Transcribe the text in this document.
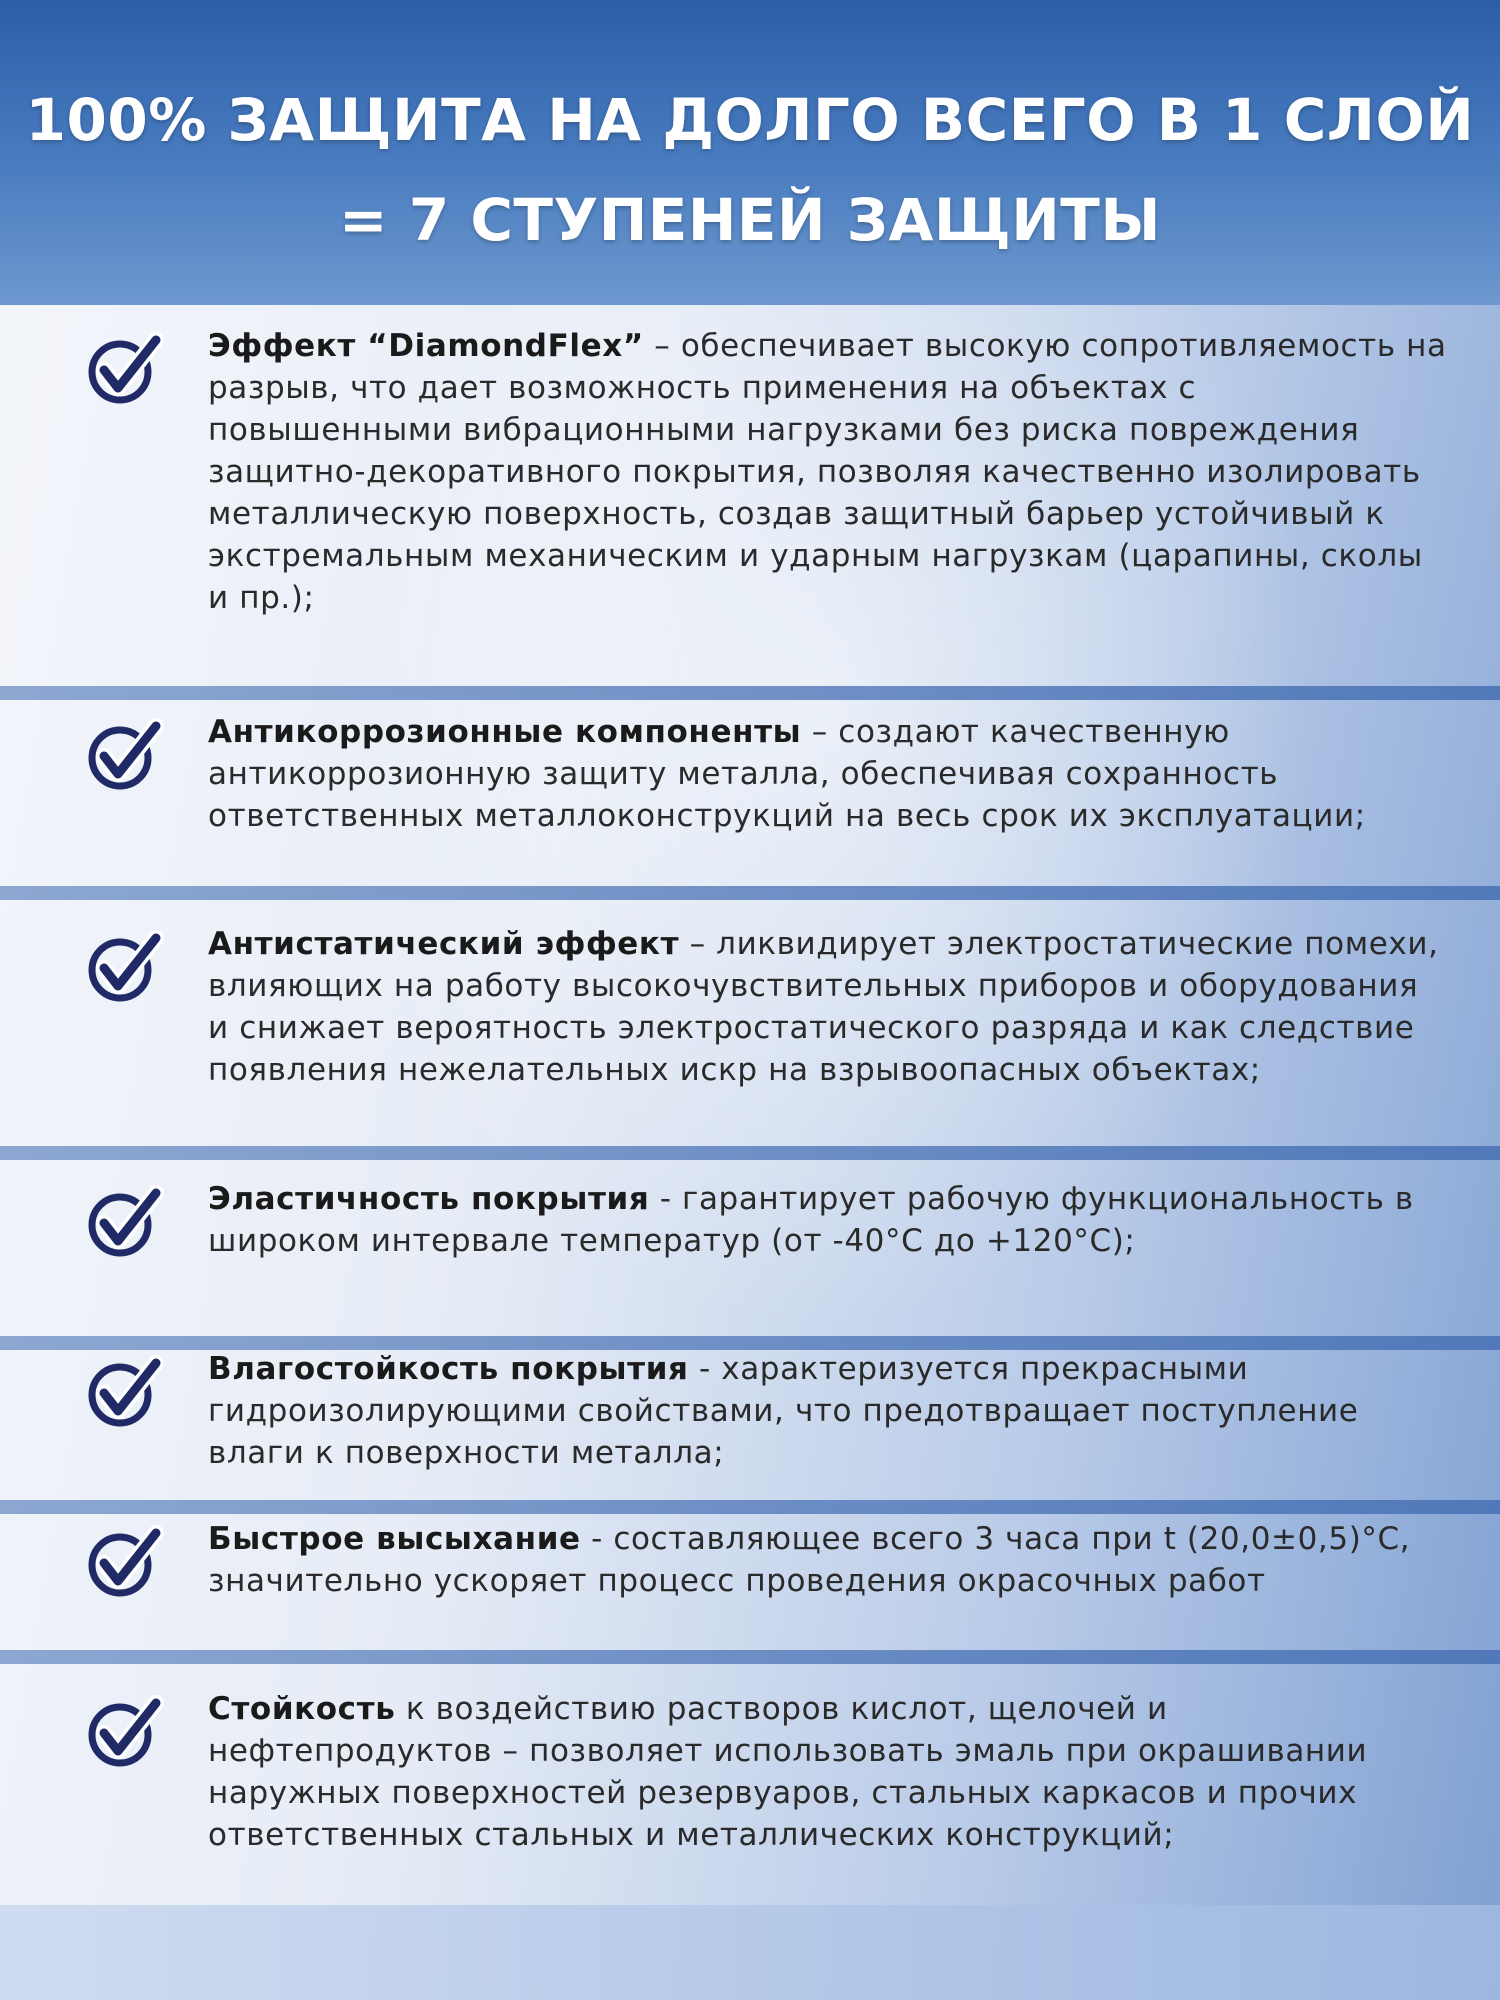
100% ЗАЩИТА НА ДОЛГО ВСЕГО В 1 СЛОЙ
= 7 СТУПЕНЕЙ ЗАЩИТЫ

Эффект “DiamondFlex” – обеспечивает высокую сопротивляемость на разрыв, что дает возможность применения на объектах с повышенными вибрационными нагрузками без риска повреждения защитно-декоративного покрытия, позволяя качественно изолировать металлическую поверхность, создав защитный барьер устойчивый к экстремальным механическим и ударным нагрузкам (царапины, сколы и пр.);

Антикоррозионные компоненты – создают качественную антикоррозионную защиту металла, обеспечивая сохранность ответственных металлоконструкций на весь срок их эксплуатации;

Антистатический эффект – ликвидирует электростатические помехи, влияющих на работу высокочувствительных приборов и оборудования и снижает вероятность электростатического разряда и как следствие появления нежелательных искр на взрывоопасных объектах;

Эластичность покрытия - гарантирует рабочую функциональность в широком интервале температур (от -40°С до +120°С);

Влагостойкость покрытия - характеризуется прекрасными гидроизолирующими свойствами, что предотвращает поступление влаги к поверхности металла;

Быстрое высыхание - составляющее всего 3 часа при t (20,0±0,5)°С, значительно ускоряет процесс проведения окрасочных работ

Стойкость к воздействию растворов кислот, щелочей и нефтепродуктов – позволяет использовать эмаль при окрашивании наружных поверхностей резервуаров, стальных каркасов и прочих ответственных стальных и металлических конструкций;
